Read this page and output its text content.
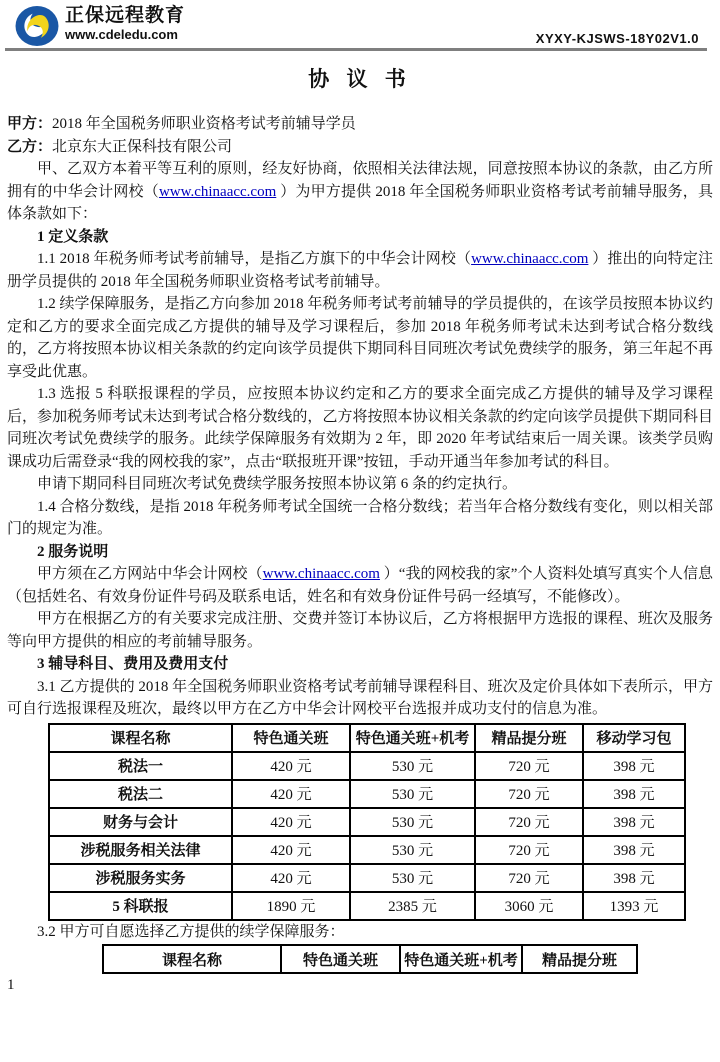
正保远程教育
www.cdeledu.com	XYXY-KJSWS-18Y02V1.0
协 议 书

甲方：2018 年全国税务师职业资格考试考前辅导学员

乙方：北京东大正保科技有限公司

甲、乙双方本着平等互利的原则，经友好协商，依照相关法律法规，同意按照本协议的条款，由乙方所拥有的中华会计网校（www.chinaacc.com ）为甲方提供 2018 年全国税务师职业资格考试考前辅导服务，具体条款如下：

1 定义条款

1.1 2018 年税务师考试考前辅导，是指乙方旗下的中华会计网校（www.chinaacc.com ）推出的向特定注册学员提供的 2018 年全国税务师职业资格考试考前辅导。

1.2 续学保障服务，是指乙方向参加 2018 年税务师考试考前辅导的学员提供的，在该学员按照本协议约定和乙方的要求全面完成乙方提供的辅导及学习课程后，参加 2018 年税务师考试未达到考试合格分数线的，乙方将按照本协议相关条款的约定向该学员提供下期同科目同班次考试免费续学的服务，第三年起不再享受此优惠。

1.3 选报 5 科联报课程的学员，应按照本协议约定和乙方的要求全面完成乙方提供的辅导及学习课程后，参加税务师考试未达到考试合格分数线的，乙方将按照本协议相关条款的约定向该学员提供下期同科目同班次考试免费续学的服务。此续学保障服务有效期为 2 年，即 2020 年考试结束后一周关课。该类学员购课成功后需登录“我的网校我的家”，点击“联报班开课”按钮，手动开通当年参加考试的科目。

申请下期同科目同班次考试免费续学服务按照本协议第 6 条的约定执行。

1.4 合格分数线，是指 2018 年税务师考试全国统一合格分数线；若当年合格分数线有变化，则以相关部门的规定为准。

2 服务说明

甲方须在乙方网站中华会计网校（www.chinaacc.com ）“我的网校我的家”个人资料处填写真实个人信息（包括姓名、有效身份证件号码及联系电话，姓名和有效身份证件号码一经填写，不能修改）。

甲方在根据乙方的有关要求完成注册、交费并签订本协议后，乙方将根据甲方选报的课程、班次及服务等向甲方提供的相应的考前辅导服务。

3 辅导科目、费用及费用支付

3.1 乙方提供的 2018 年全国税务师职业资格考试考前辅导课程科目、班次及定价具体如下表所示，甲方可自行选报课程及班次，最终以甲方在乙方中华会计网校平台选报并成功支付的信息为准。

课程名称	特色通关班	特色通关班+机考	精品提分班	移动学习包
税法一	420 元	530 元	720 元	398 元
税法二	420 元	530 元	720 元	398 元
财务与会计	420 元	530 元	720 元	398 元
涉税服务相关法律	420 元	530 元	720 元	398 元
涉税服务实务	420 元	530 元	720 元	398 元
5 科联报	1890 元	2385 元	3060 元	1393 元

3.2 甲方可自愿选择乙方提供的续学保障服务：

课程名称	特色通关班	特色通关班+机考	精品提分班

1
